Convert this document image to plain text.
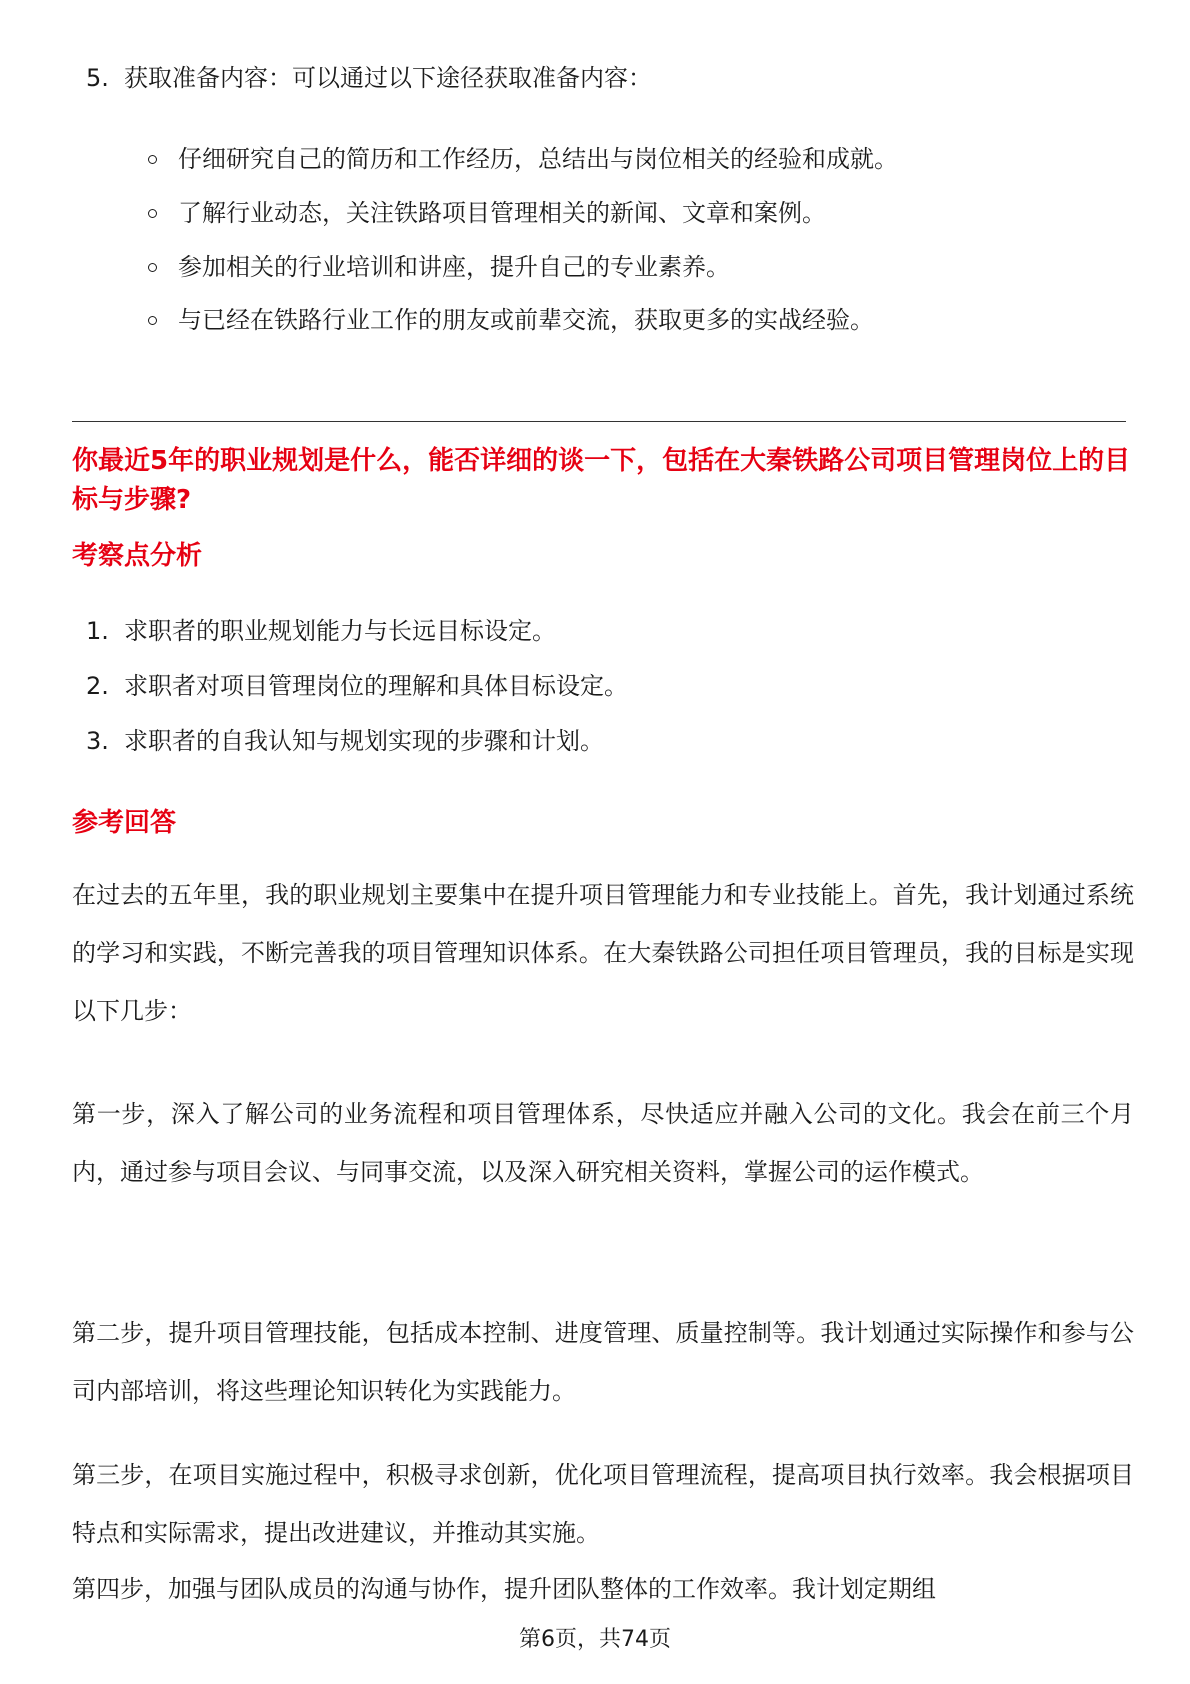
5. 获取准备内容：可以通过以下途径获取准备内容：
仔细研究自己的简历和工作经历，总结出与岗位相关的经验和成就。
了解行业动态，关注铁路项目管理相关的新闻、文章和案例。
参加相关的行业培训和讲座，提升自己的专业素养。
与已经在铁路行业工作的朋友或前辈交流，获取更多的实战经验。
你最近5年的职业规划是什么，能否详细的谈一下，包括在大秦铁路公司项目管理岗位上的目标与步骤?
考察点分析
1. 求职者的职业规划能力与长远目标设定。
2. 求职者对项目管理岗位的理解和具体目标设定。
3. 求职者的自我认知与规划实现的步骤和计划。
参考回答
在过去的五年里，我的职业规划主要集中在提升项目管理能力和专业技能上。首先，我计划通过系统的学习和实践，不断完善我的项目管理知识体系。在大秦铁路公司担任项目管理员，我的目标是实现以下几步：
第一步，深入了解公司的业务流程和项目管理体系，尽快适应并融入公司的文化。我会在前三个月内，通过参与项目会议、与同事交流，以及深入研究相关资料，掌握公司的运作模式。
第二步，提升项目管理技能，包括成本控制、进度管理、质量控制等。我计划通过实际操作和参与公司内部培训，将这些理论知识转化为实践能力。
第三步，在项目实施过程中，积极寻求创新，优化项目管理流程，提高项目执行效率。我会根据项目特点和实际需求，提出改进建议，并推动其实施。
第四步，加强与团队成员的沟通与协作，提升团队整体的工作效率。我计划定期组
第6页，共74页
